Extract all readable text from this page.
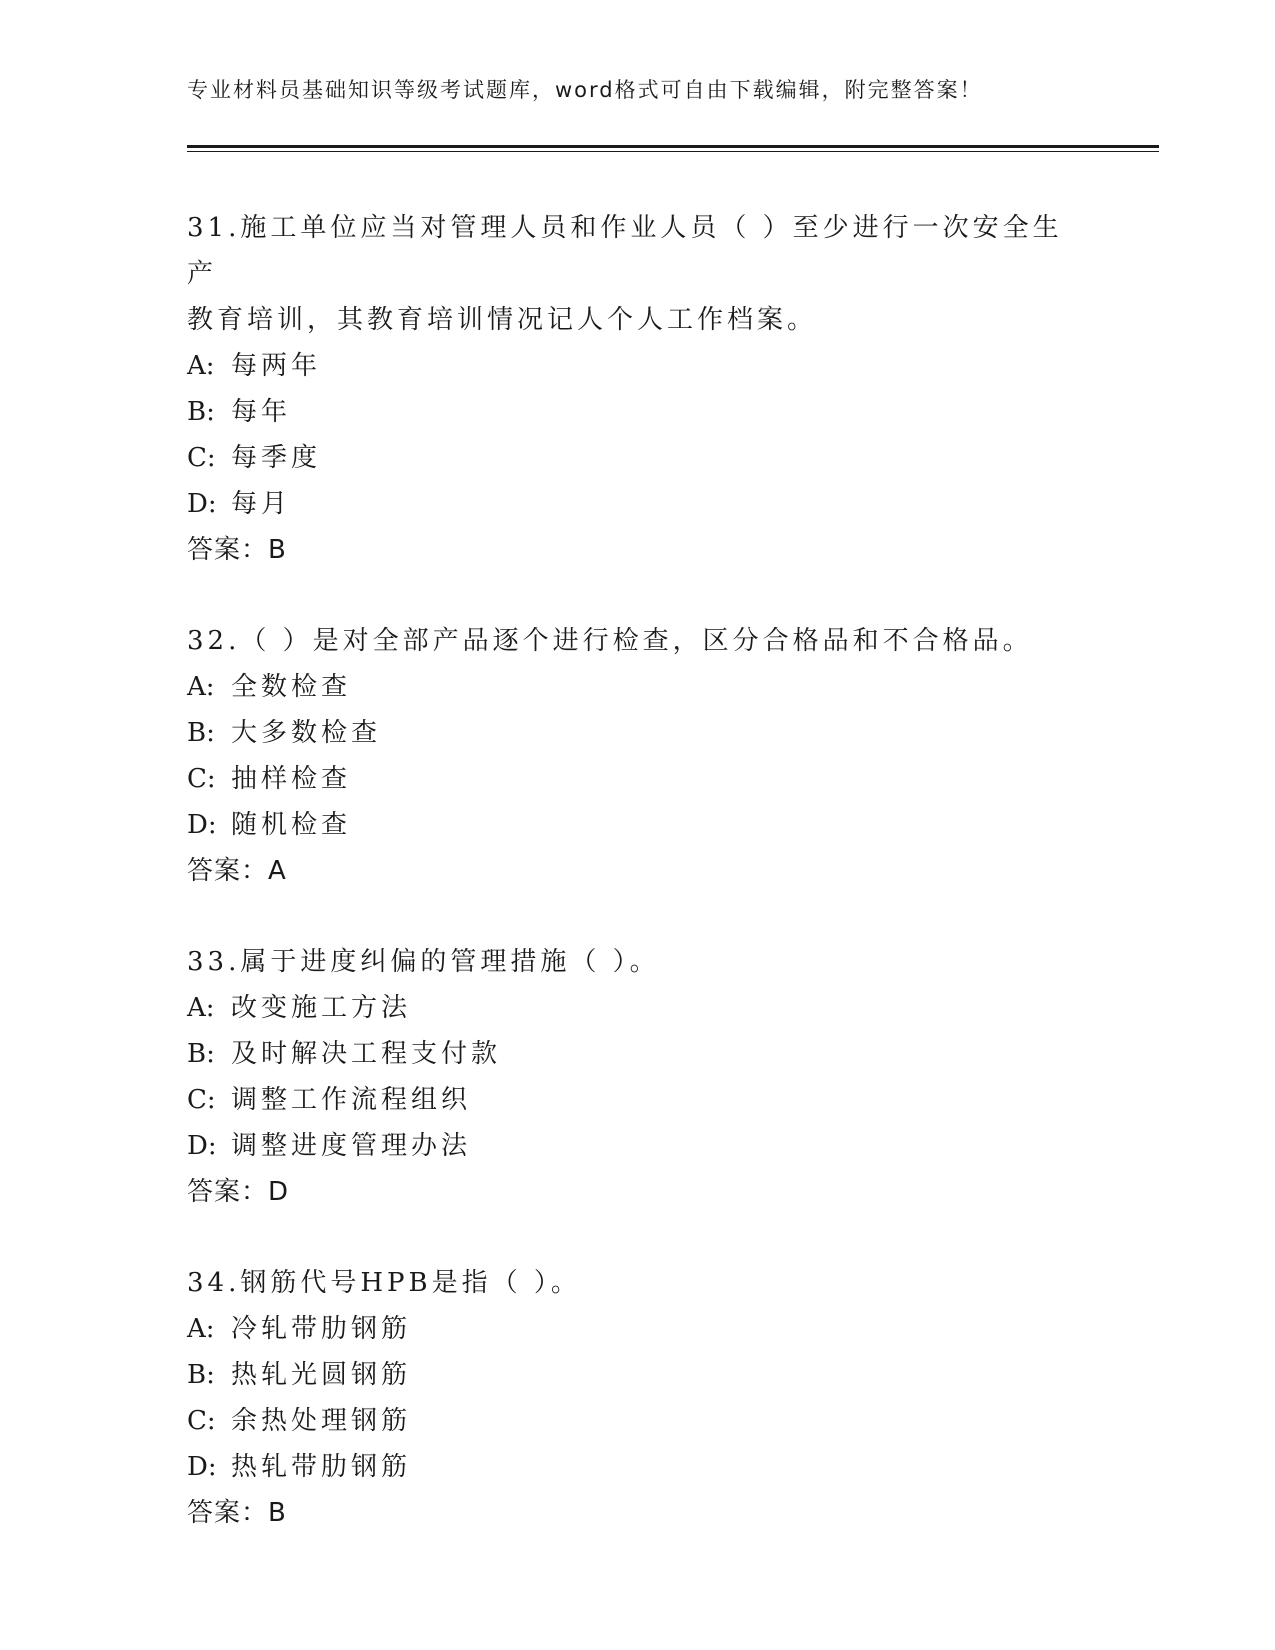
专业材料员基础知识等级考试题库，word格式可自由下载编辑，附完整答案！

31.施工单位应当对管理人员和作业人员（ ）至少进行一次安全生产

教育培训，其教育培训情况记人个人工作档案。

A: 每两年

B: 每年

C: 每季度

D: 每月

答案：B

32.（ ）是对全部产品逐个进行检查，区分合格品和不合格品。

A: 全数检查

B: 大多数检查

C: 抽样检查

D: 随机检查

答案：A

33.属于进度纠偏的管理措施（ ）。

A: 改变施工方法

B: 及时解决工程支付款

C: 调整工作流程组织

D: 调整进度管理办法

答案：D

34.钢筋代号HPB是指（ ）。

A: 冷轧带肋钢筋

B: 热轧光圆钢筋

C: 余热处理钢筋

D: 热轧带肋钢筋

答案：B
